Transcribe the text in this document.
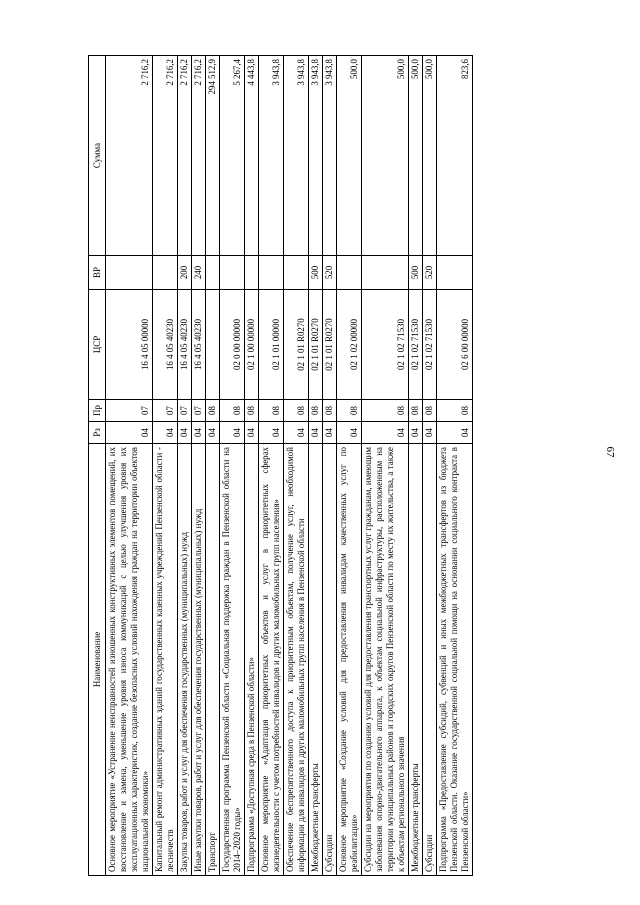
67
Наименование	Рз	Пр	ЦСР	ВР	Сумма
Основное мероприятие «Устранение неисправностей изношенных конструктивных элементов помещений, их восстановление и замена, уменьшение уровня износа коммуникаций с целью улучшения уровня их эксплуатационных характеристик, создание безопасных условий нахождения граждан на территории объектов национальной экономики»	04	07	16 4 05 00000		2 716,2
Капитальный ремонт административных зданий государственных казенных учреждений Пензенской области - лесничеств	04	07	16 4 05 40230		2 716,2
Закупка товаров, работ и услуг для обеспечения государственных (муниципальных) нужд	04	07	16 4 05 40230	200	2 716,2
Иные закупки товаров, работ и услуг для обеспечения государственных (муниципальных) нужд	04	07	16 4 05 40230	240	2 716,2
Транспорт	04	08			294 512,9
Государственная программа Пензенской области «Социальная поддержка граждан в Пензенской области на 2014–2020 годы»	04	08	02 0 00 00000		5 267,4
Подпрограмма «Доступная среда в Пензенской области»	04	08	02 1 00 00000		4 443,8
Основное мероприятие «Адаптация приоритетных объектов и услуг в приоритетных сферах жизнедеятельности с учетом потребностей инвалидов и других маломобильных групп населения»	04	08	02 1 01 00000		3 943,8
Обеспечение беспрепятственного доступа к приоритетным объектам, получение услуг, необходимой информации для инвалидов и других маломобильных групп населения в Пензенской области	04	08	02 1 01 R0270		3 943,8
Межбюджетные трансферты	04	08	02 1 01 R0270	500	3 943,8
Субсидии	04	08	02 1 01 R0270	520	3 943,8
Основное мероприятие «Создание условий для предоставления инвалидам качественных услуг по реабилитации»	04	08	02 1 02 00000		500,0
Субсидии на мероприятия по созданию условий для предоставления транспортных услуг гражданам, имеющим заболевания опорно-двигательного аппарата, к объектам социальной инфраструктуры, расположенным на территории муниципальных районов и городских округов Пензенской области по месту их жительства, а также к объектам регионального значения	04	08	02 1 02 71530		500,0
Межбюджетные трансферты	04	08	02 1 02 71530	500	500,0
Субсидии	04	08	02 1 02 71530	520	500,0
Подпрограмма «Предоставление субсидий, субвенций и иных межбюджетных трансфертов из бюджета Пензенской области. Оказание государственной социальной помощи на основании социального контракта в Пензенской области»	04	08	02 6 00 00000		823,6
